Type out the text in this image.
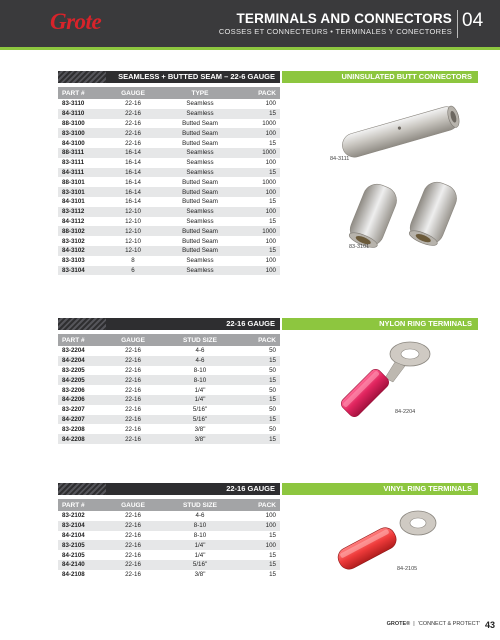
Grote	TERMINALS AND CONNECTORS
COSSES ET CONNECTEURS • TERMINALES Y CONECTORES
04
SEAMLESS + BUTTED SEAM – 22-6 GAUGE	UNINSULATED BUTT CONNECTORS
PART #	GAUGE	TYPE	PACK
83-3110	22-16	Seamless	100
84-3110	22-16	Seamless	15
88-3100	22-16	Butted Seam	1000
83-3100	22-16	Butted Seam	100
84-3100	22-16	Butted Seam	15
88-3111	16-14	Seamless	1000
83-3111	16-14	Seamless	100
84-3111	16-14	Seamless	15
88-3101	16-14	Butted Seam	1000
83-3101	16-14	Butted Seam	100
84-3101	16-14	Butted Seam	15
83-3112	12-10	Seamless	100
84-3112	12-10	Seamless	15
88-3102	12-10	Butted Seam	1000
83-3102	12-10	Butted Seam	100
84-3102	12-10	Butted Seam	15
83-3103	8	Seamless	100
83-3104	6	Seamless	100
22-16 GAUGE	NYLON RING TERMINALS
PART #	GAUGE	STUD SIZE	PACK
83-2204	22-16	4-6	50
84-2204	22-16	4-6	15
83-2205	22-16	8-10	50
84-2205	22-16	8-10	15
83-2206	22-16	1/4"	50
84-2206	22-16	1/4"	15
83-2207	22-16	5/16"	50
84-2207	22-16	5/16"	15
83-2208	22-16	3/8"	50
84-2208	22-16	3/8"	15
22-16 GAUGE	VINYL RING TERMINALS
PART #	GAUGE	STUD SIZE	PACK
83-2102	22-16	4-6	100
83-2104	22-16	8-10	100
84-2104	22-16	8-10	15
83-2105	22-16	1/4"	100
84-2105	22-16	1/4"	15
84-2140	22-16	5/16"	15
84-2108	22-16	3/8"	15
84-3111
83-3101
84-2204
84-2105
GROTE®  |  'CONNECT & PROTECT' 43
